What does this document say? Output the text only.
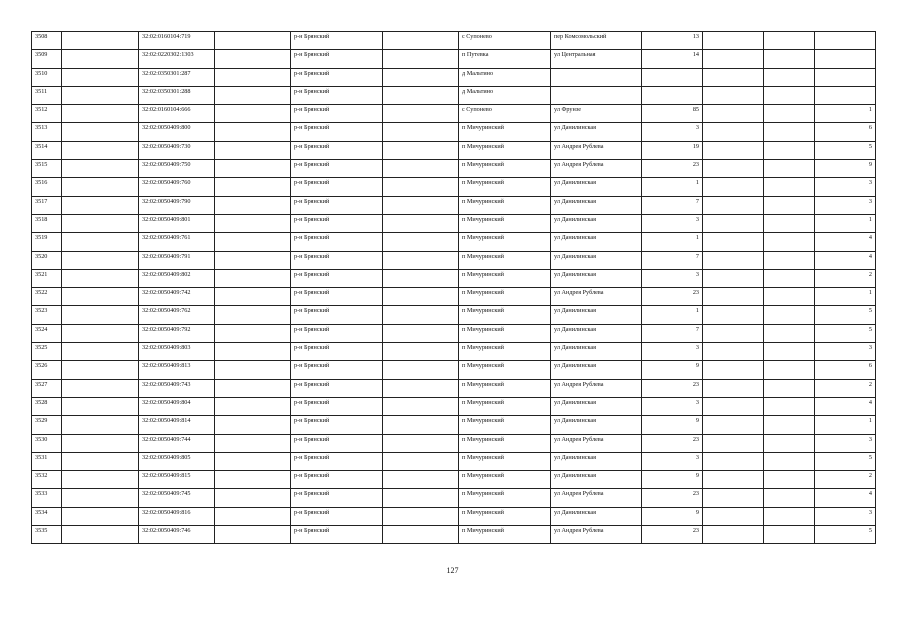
3508		32:02:0160104:719		р-н Брянский		с Супонево	пер Комсомольский	13			
3509		32:02:0220302:1303		р-н Брянский		п Путевка	ул Центральная	14			
3510		32:02:0350301:287		р-н Брянский		д Мальтино					
3511		32:02:0350301:288		р-н Брянский		д Мальтино					
3512		32:02:0160104:666		р-н Брянский		с Супонево	ул Фрунзе	85			1
3513		32:02:0050409:800		р-н Брянский		п Мичуринский	ул Данилинская	3			6
3514		32:02:0050409:730		р-н Брянский		п Мичуринский	ул Андрея Рублева	19			5
3515		32:02:0050409:750		р-н Брянский		п Мичуринский	ул Андрея Рублева	23			9
3516		32:02:0050409:760		р-н Брянский		п Мичуринский	ул Данилинская	1			3
3517		32:02:0050409:790		р-н Брянский		п Мичуринский	ул Данилинская	7			3
3518		32:02:0050409:801		р-н Брянский		п Мичуринский	ул Данилинская	3			1
3519		32:02:0050409:761		р-н Брянский		п Мичуринский	ул Данилинская	1			4
3520		32:02:0050409:791		р-н Брянский		п Мичуринский	ул Данилинская	7			4
3521		32:02:0050409:802		р-н Брянский		п Мичуринский	ул Данилинская	3			2
3522		32:02:0050409:742		р-н Брянский		п Мичуринский	ул Андрея Рублева	23			1
3523		32:02:0050409:762		р-н Брянский		п Мичуринский	ул Данилинская	1			5
3524		32:02:0050409:792		р-н Брянский		п Мичуринский	ул Данилинская	7			5
3525		32:02:0050409:803		р-н Брянский		п Мичуринский	ул Данилинская	3			3
3526		32:02:0050409:813		р-н Брянский		п Мичуринский	ул Данилинская	9			6
3527		32:02:0050409:743		р-н Брянский		п Мичуринский	ул Андрея Рублева	23			2
3528		32:02:0050409:804		р-н Брянский		п Мичуринский	ул Данилинская	3			4
3529		32:02:0050409:814		р-н Брянский		п Мичуринский	ул Данилинская	9			1
3530		32:02:0050409:744		р-н Брянский		п Мичуринский	ул Андрея Рублева	23			3
3531		32:02:0050409:805		р-н Брянский		п Мичуринский	ул Данилинская	3			5
3532		32:02:0050409:815		р-н Брянский		п Мичуринский	ул Данилинская	9			2
3533		32:02:0050409:745		р-н Брянский		п Мичуринский	ул Андрея Рублева	23			4
3534		32:02:0050409:816		р-н Брянский		п Мичуринский	ул Данилинская	9			3
3535		32:02:0050409:746		р-н Брянский		п Мичуринский	ул Андрея Рублева	23			5
127
